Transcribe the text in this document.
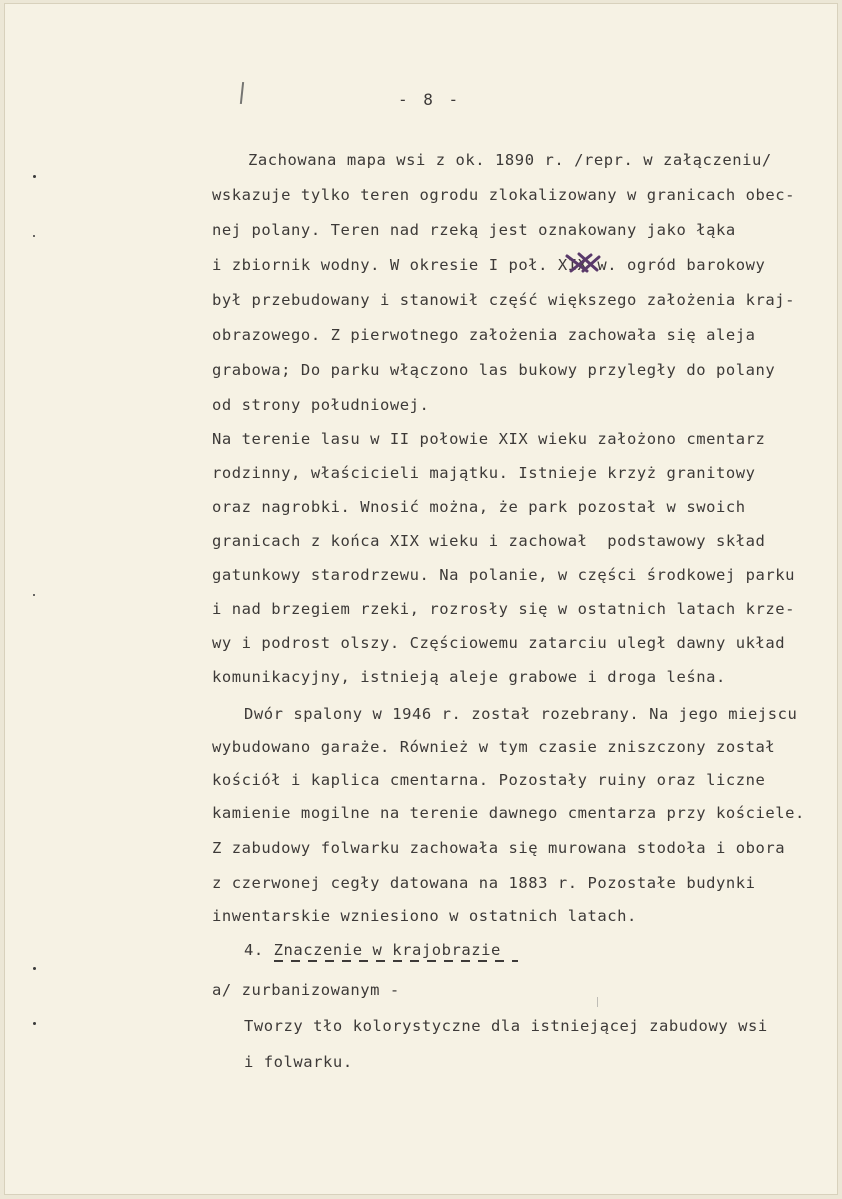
- 8 -
Zachowana mapa wsi z ok. 1890 r. /repr. w załączeniu/
wskazuje tylko teren ogrodu zlokalizowany w granicach obec-
nej polany. Teren nad rzeką jest oznakowany jako łąka
i zbiornik wodny. W okresie I poł. XIX w. ogród barokowy
był przebudowany i stanowił część większego założenia kraj-
obrazowego. Z pierwotnego założenia zachowała się aleja
grabowa; Do parku włączono las bukowy przyległy do polany
od strony południowej.
Na terenie lasu w II połowie XIX wieku założono cmentarz
rodzinny, właścicieli majątku. Istnieje krzyż granitowy
oraz nagrobki. Wnosić można, że park pozostał w swoich
granicach z końca XIX wieku i zachował  podstawowy skład
gatunkowy starodrzewu. Na polanie, w części środkowej parku
i nad brzegiem rzeki, rozrosły się w ostatnich latach krze-
wy i podrost olszy. Częściowemu zatarciu uległ dawny układ
komunikacyjny, istnieją aleje grabowe i droga leśna.
Dwór spalony w 1946 r. został rozebrany. Na jego miejscu
wybudowano garaże. Również w tym czasie zniszczony został
kościół i kaplica cmentarna. Pozostały ruiny oraz liczne
kamienie mogilne na terenie dawnego cmentarza przy kościele.
Z zabudowy folwarku zachowała się murowana stodoła i obora
z czerwonej cegły datowana na 1883 r. Pozostałe budynki
inwentarskie wzniesiono w ostatnich latach.
4. Znaczenie w krajobrazie
a/ zurbanizowanym -
Tworzy tło kolorystyczne dla istniejącej zabudowy wsi
i folwarku.
